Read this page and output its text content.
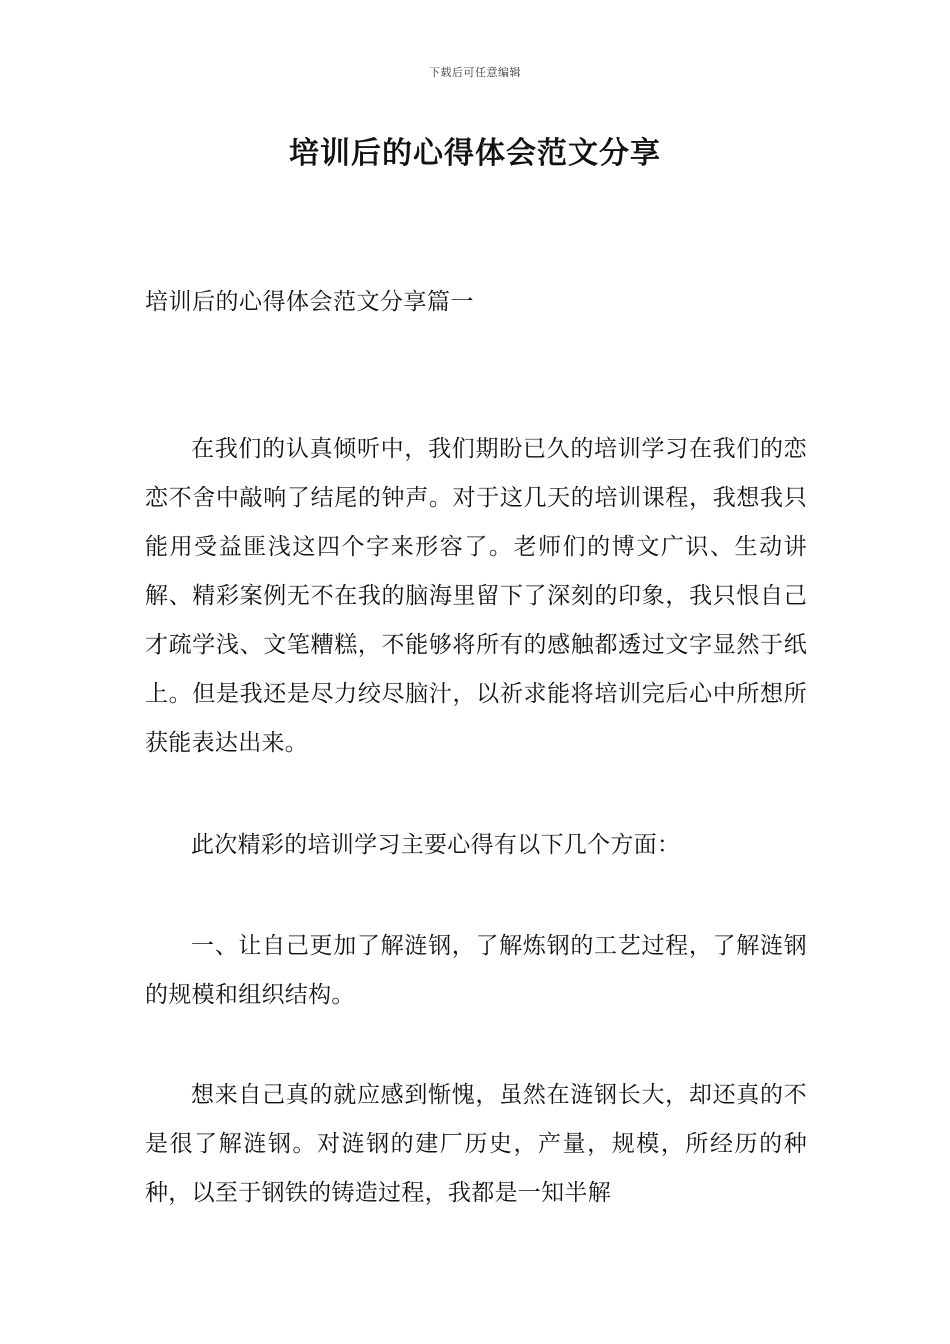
下载后可任意编辑
培训后的心得体会范文分享
培训后的心得体会范文分享篇一

在我们的认真倾听中，我们期盼已久的培训学习在我们的恋恋不舍中敲响了结尾的钟声。对于这几天的培训课程，我想我只能用受益匪浅这四个字来形容了。老师们的博文广识、生动讲解、精彩案例无不在我的脑海里留下了深刻的印象，我只恨自己才疏学浅、文笔糟糕，不能够将所有的感触都透过文字显然于纸上。但是我还是尽力绞尽脑汁，以祈求能将培训完后心中所想所获能表达出来。

此次精彩的培训学习主要心得有以下几个方面：

一、让自己更加了解涟钢，了解炼钢的工艺过程，了解涟钢的规模和组织结构。

想来自己真的就应感到惭愧，虽然在涟钢长大，却还真的不是很了解涟钢。对涟钢的建厂历史，产量，规模，所经历的种种，以至于钢铁的铸造过程，我都是一知半解
